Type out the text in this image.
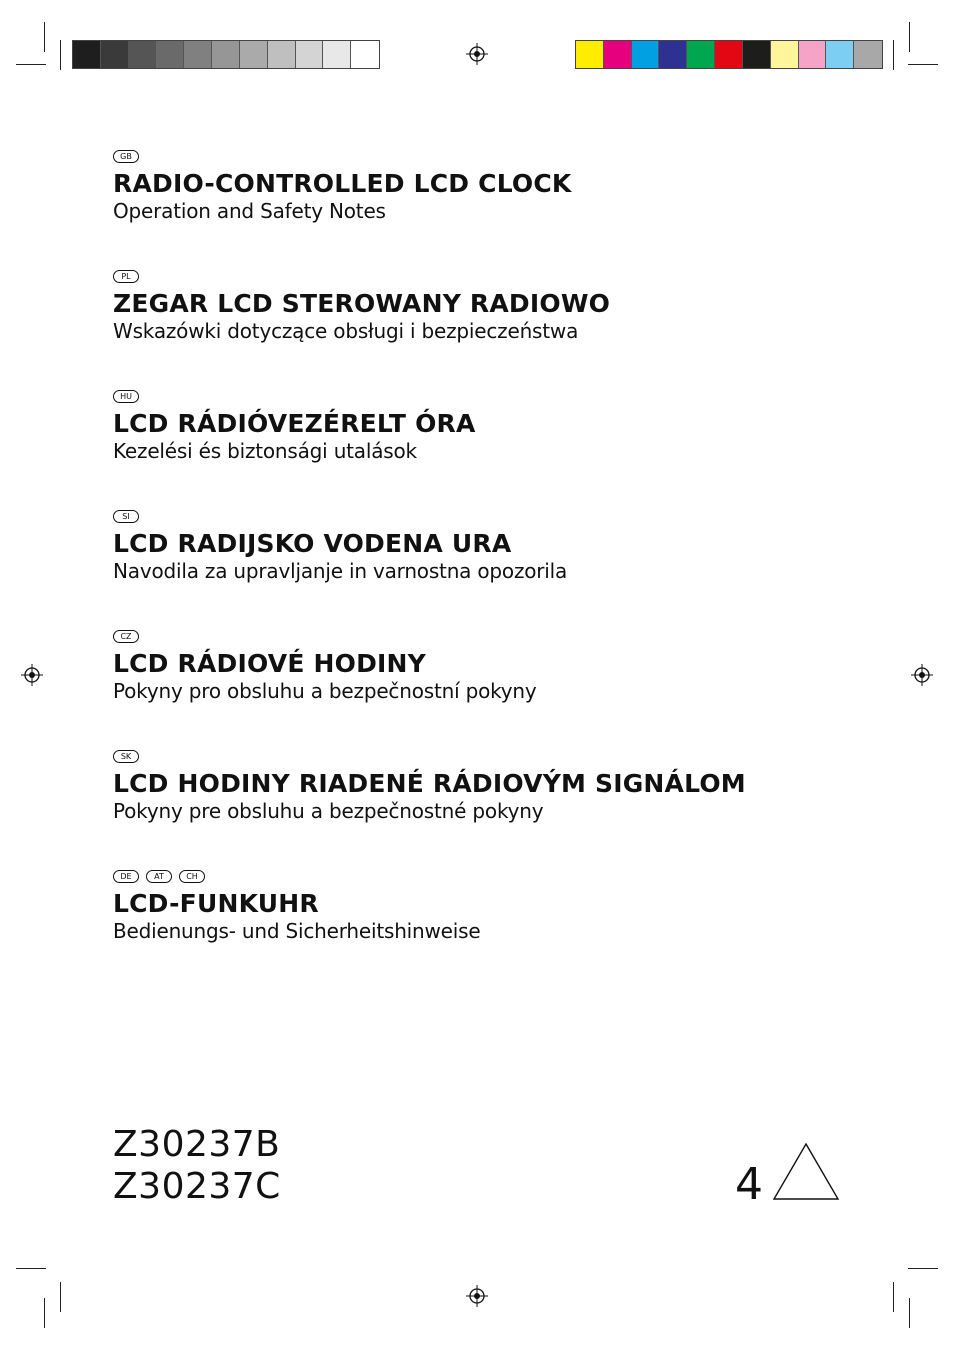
GB
RADIO-CONTROLLED LCD CLOCK
Operation and Safety Notes
PL
ZEGAR LCD STEROWANY RADIOWO
Wskazówki dotyczące obsługi i bezpieczeństwa
HU
LCD RÁDIÓVEZÉRELT ÓRA
Kezelési és biztonsági utalások
SI
LCD RADIJSKO VODENA URA
Navodila za upravljanje in varnostna opozorila
CZ
LCD RÁDIOVÉ HODINY
Pokyny pro obsluhu a bezpečnostní pokyny
SK
LCD HODINY RIADENÉ RÁDIOVÝM SIGNÁLOM
Pokyny pre obsluhu a bezpečnostné pokyny
DE	AT	CH
LCD-FUNKUHR
Bedienungs- und Sicherheitshinweise
Z30237B
Z30237C	4
